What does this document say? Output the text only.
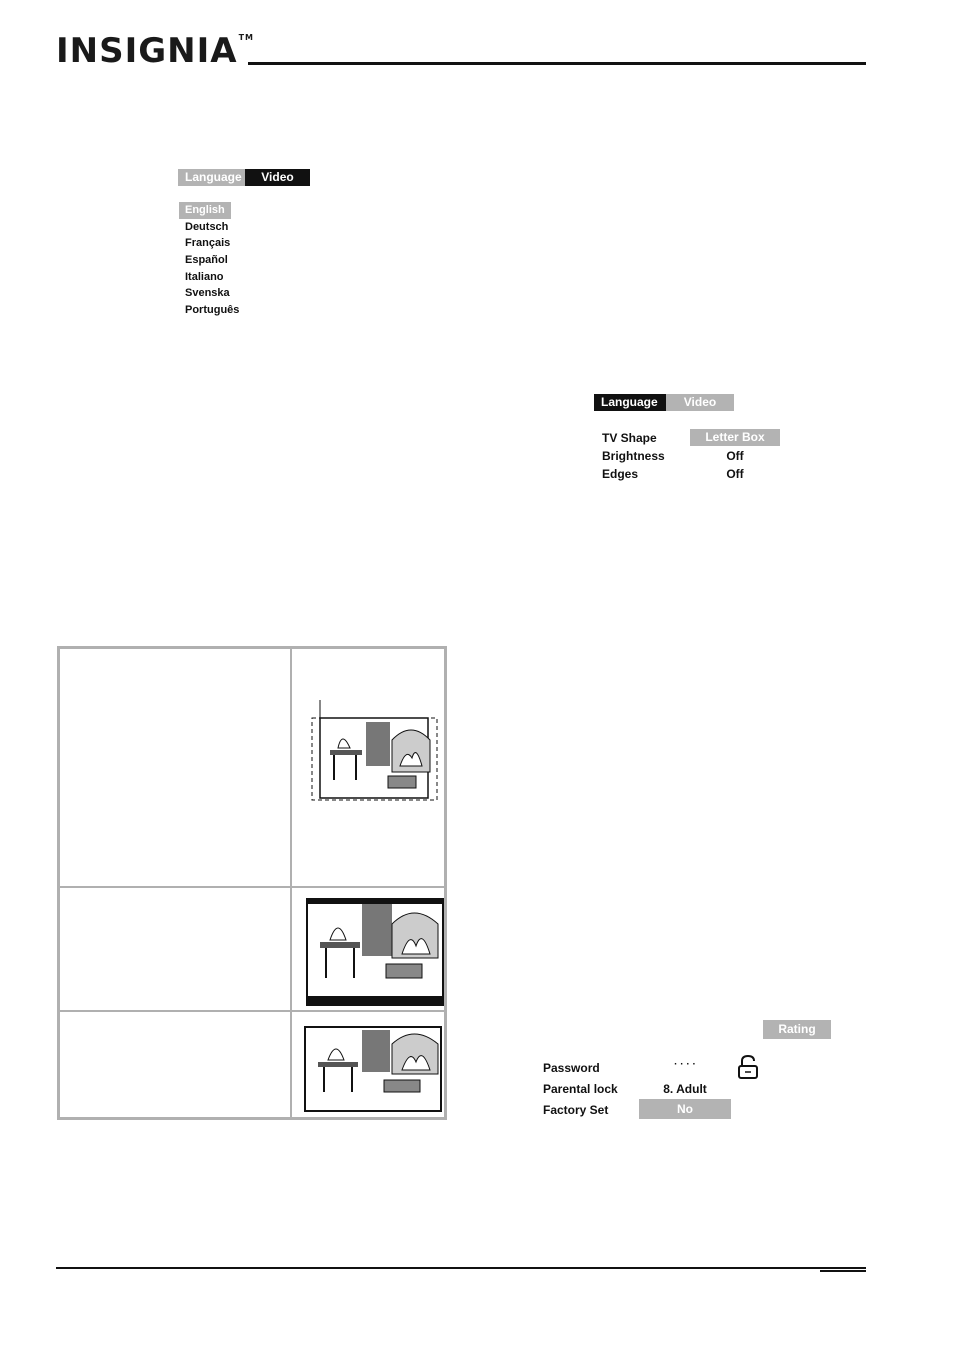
INSIGNIA™
Language	Video
English
Deutsch
Français
Español
Italiano
Svenska
Português
Language	Video
TV Shape	Letter Box
Brightness	Off
Edges	Off
Rating
Password	· · · ·
Parental lock	8. Adult
Factory Set	No
